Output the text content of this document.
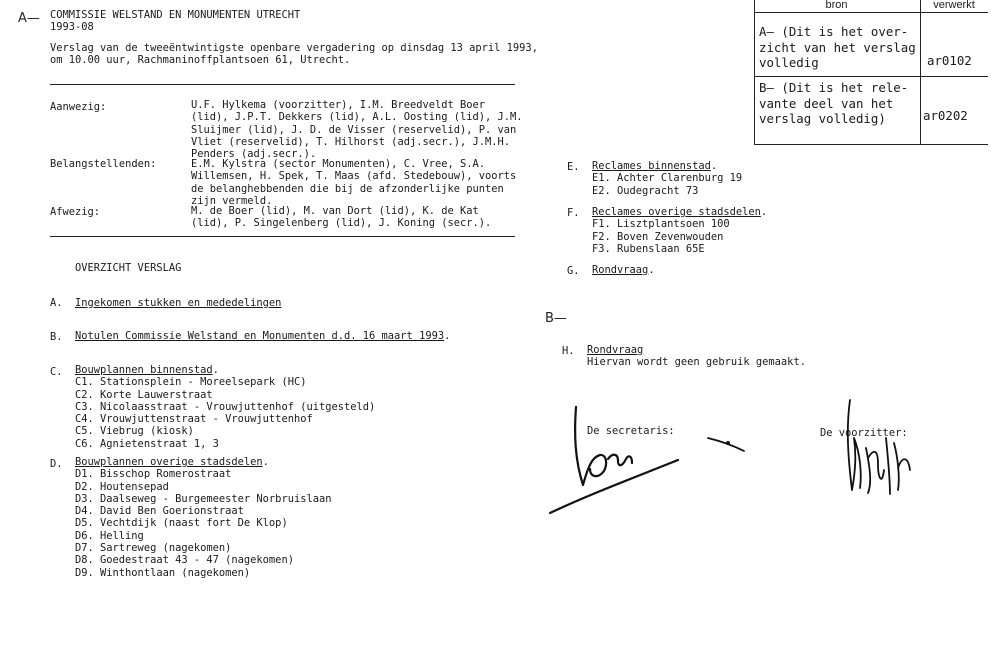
A— COMMISSIE WELSTAND EN MONUMENTEN UTRECHT
1993-08
Verslag van de tweeëntwintigste openbare vergadering op dinsdag 13 april 1993,
om 10.00 uur, Rachmaninoffplantsoen 61, Utrecht.
Aanwezig:	U.F. Hylkema (voorzitter), I.M. Breedveldt Boer
(lid), J.P.T. Dekkers (lid), A.L. Oosting (lid), J.M.
Sluijmer (lid), J. D. de Visser (reservelid), P. van
Vliet (reservelid), T. Hilhorst (adj.secr.), J.M.H.
Penders (adj.secr.).
Belangstellenden:	E.M. Kylstra (sector Monumenten), C. Vree, S.A.
Willemsen, H. Spek, T. Maas (afd. Stedebouw), voorts
de belanghebbenden die bij de afzonderlijke punten
zijn vermeld.
Afwezig:	M. de Boer (lid), M. van Dort (lid), K. de Kat
(lid), P. Singelenberg (lid), J. Koning (secr.).
OVERZICHT VERSLAG
A. Ingekomen stukken en mededelingen
B. Notulen Commissie Welstand en Monumenten d.d. 16 maart 1993.
C. Bouwplannen binnenstad.
C1. Stationsplein - Moreelsepark (HC)
C2. Korte Lauwerstraat
C3. Nicolaasstraat - Vrouwjuttenhof (uitgesteld)
C4. Vrouwjuttenstraat - Vrouwjuttenhof
C5. Viebrug (kiosk)
C6. Agnietenstraat 1, 3
D. Bouwplannen overige stadsdelen.
D1. Bisschop Romerostraat
D2. Houtensepad
D3. Daalseweg - Burgemeester Norbruislaan
D4. David Ben Goerionstraat
D5. Vechtdijk (naast fort De Klop)
D6. Helling
D7. Sartreweg (nagekomen)
D8. Goedestraat 43 - 47 (nagekomen)
D9. Winthontlaan (nagekomen)
E. Reclames binnenstad.
E1. Achter Clarenburg 19
E2. Oudegracht 73
F. Reclames overige stadsdelen.
F1. Lisztplantsoen 100
F2. Boven Zevenwouden
F3. Rubenslaan 65E
G. Rondvraag.
B—
H. Rondvraag
Hiervan wordt geen gebruik gemaakt.
De secretaris:	De voorzitter:
bron	verwerkt
A— (Dit is het over-
zicht van het verslag
volledig	ar0102
B— (Dit is het rele-
vante deel van het
verslag volledig)	ar0202
